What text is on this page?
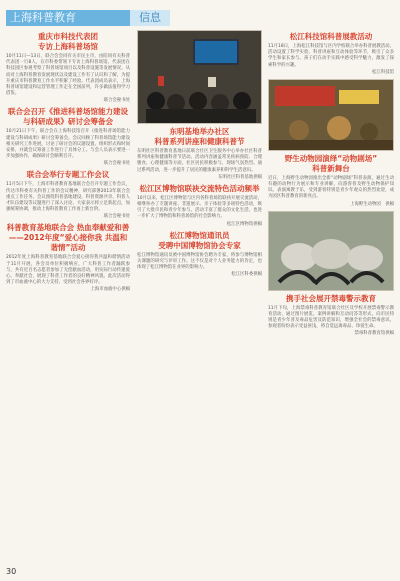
上海科普教育	信息
重庆市科技代表团
专访上海科普场馆
10月11日—13日，联合会会同有关市民主市，由陪同有关科普代表团一行8人，在市科委带领下专访上海科普场馆。代表团在科技园区参观考察了科普场馆项目以及科普设施等发展情况。从而对上海科普教育发展现状以及建设工作有了认识和了解，为提升重庆市科普教育工作水平积累了经验。代表团成员表示，上海科普场馆建设和运营管理工作走在全国前列，许多做法值得学习借鉴。
联合会秘书处
联合会召开《推进科普场馆能力建设
与科研成果》研讨会筹备会
10月21日下午，联合会在上海科技馆召开《推进科普场馆能力建设与科研成果》研讨会筹备会。会议回顾了科普场馆能力建设相关研究工作进展，讨论了研讨会的议题设置、组织形式和时间安排，并就会议筹备工作进行了具体分工。与会人员表示要进一步加强协作，确保研讨会顺利召开。
联合会秘书处
联合会举行专题工作会议
11月5日下午，上海市科普教育基地联合会召开专题工作会议，传达市科委有关科普工作的会议精神，研究部署2013年联合会重点工作任务。会议围绕科普基地建设、科普资源共享、科普人才队伍建设等议题进行了深入讨论，大家表示将立足新起点，加强统筹协调，推动上海科普教育工作再上新台阶。
联合会秘书处
科普教育基地联合会 热血奉献爱和善
——2012年度“爱心接你我 共温和谐情”活动
2012年度上海科普教育基地联合会爱心接你我共温和谐情活动于11月开展，各会员单位积极响应，广大科普工作者踊跃参与，共有近百名志愿者参加了无偿献血活动，用实际行动传递爱心、奉献社会，展现了科普工作者的良好精神风貌。此次活动得到了市血液中心的大力支持，受到社会各界好评。
上海市血液中心供稿
东明基地举办社区
科普系列讲座和健康科普节
东明社区科普教育基地日前联合社区卫生服务中心举办社区科普系列讲座和健康科普节活动。活动内容涵盖常见疾病预防、合理膳食、心理健康等方面，社区居民积极参与，现场气氛热烈。通过系列活动，进一步提升了居民的健康素养和科学生活意识。
东明社区科普基地供稿
松江区博物馆联袂交流特色活动频举
10月以来，松江区博物馆与区内各科普场馆联袂开展交流活动，相继举办了专题讲座、非遗展示、亲子体验等多项特色活动，吸引了大批市民和青少年参与。活动丰富了群众的文化生活，也进一步扩大了博物馆和科普场馆的社会影响力。
松江区博物馆供稿
松江博物馆通讯员
受聘中国博物馆协会专家
松江博物馆通讯员被中国博物馆协会聘为专家，将参与博物馆相关课题的研究与评审工作。这不仅是对个人业务能力的肯定，也体现了松江博物馆在业界的影响力。
松江区科委供稿
松江科技馆科普展教活动
11月18日，上海松江科技馆与区内学校联合举办科普展教活动。活动设置了科学实验、科普讲座和互动体验等环节，吸引了众多学生和家长参与。孩子们在动手实践中感受科学魅力，激发了探索科学的兴趣。
松江科技馆
野生动物园演绎“动物剧场”
科普新舞台
近日，上海野生动物园推出全新“动物剧场”科普表演，通过生动有趣的动物行为展示和专业讲解，向游客普及野生动物保护知识。表演寓教于乐，受到游客特别是青少年观众的热烈欢迎，成为园区科普教育的新亮点。
上海野生动物园　供稿
携手社会展开禁毒警示教育
11月下旬，上海禁毒科普教育馆联合社区及学校开展禁毒警示教育活动，通过图片展览、案例讲解和互动问答等形式，向市民特别是青少年普及毒品危害及防范知识，增强全社会的禁毒意识。参观者纷纷表示受益匪浅，将自觉远离毒品、珍爱生命。
禁毒科普教育馆供稿
30
